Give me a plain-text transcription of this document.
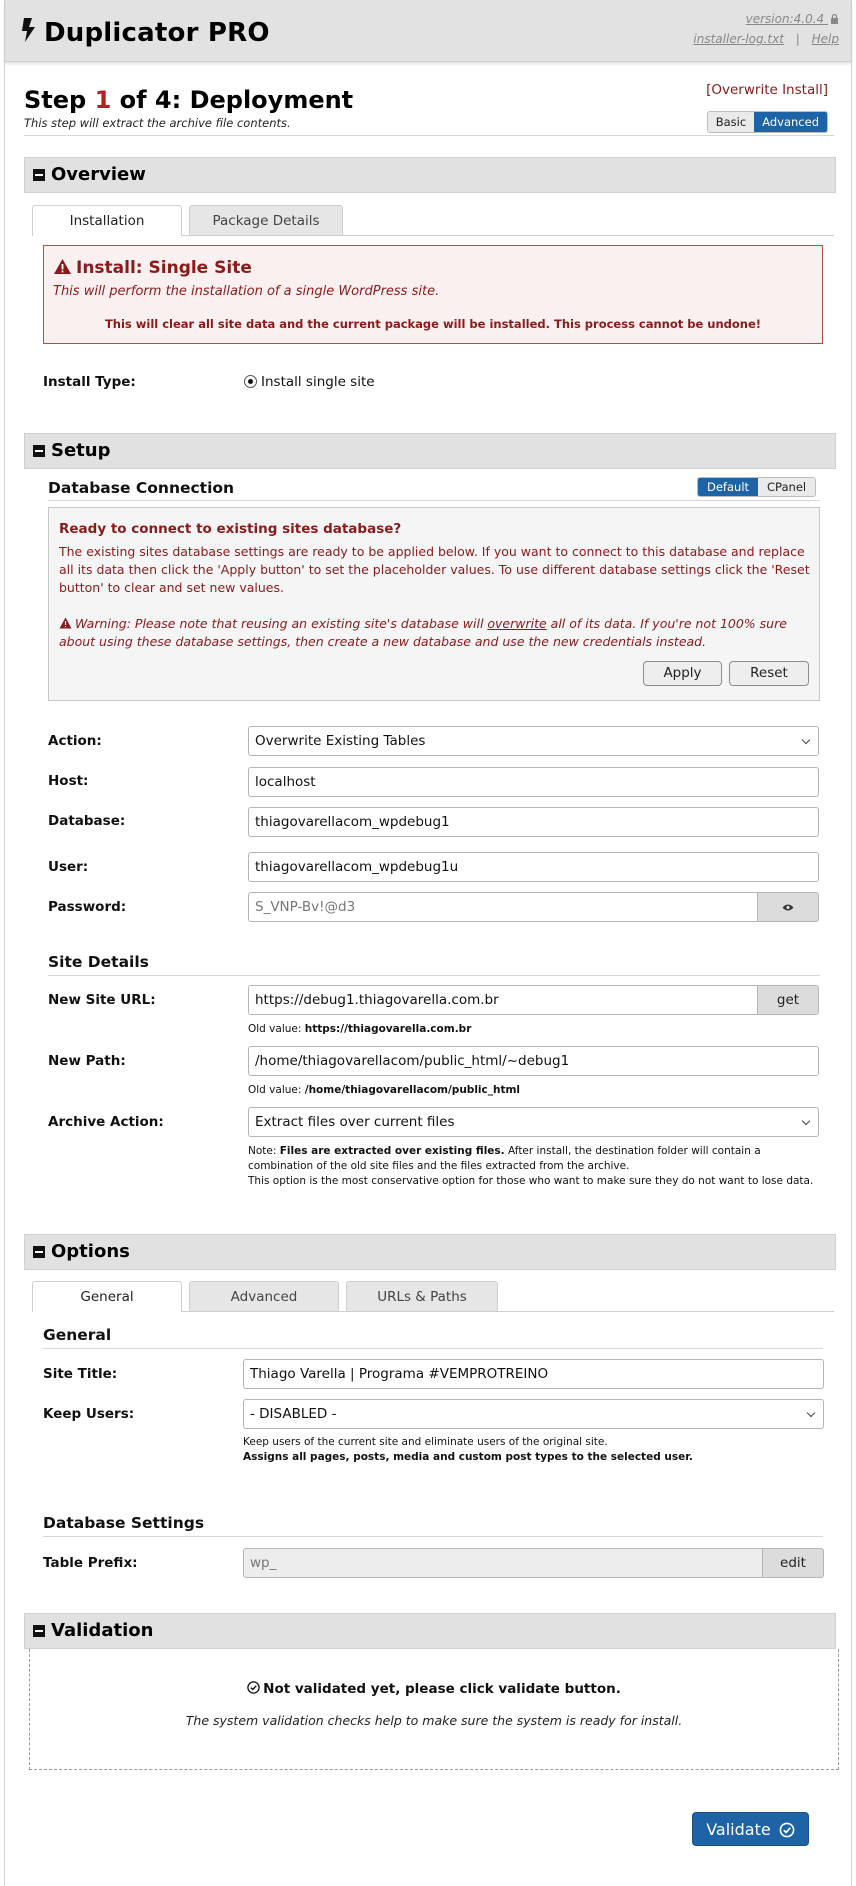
Duplicator PRO	version:4.0.4
installer-log.txt | Help
Step 1 of 4: Deployment
This step will extract the archive file contents.
[Overwrite Install]
Basic	Advanced
Overview
Installation	Package Details
Install: Single Site
This will perform the installation of a single WordPress site.
This will clear all site data and the current package will be installed. This process cannot be undone!
Install Type:	Install single site
Setup
Database Connection	Default	CPanel
Ready to connect to existing sites database?
The existing sites database settings are ready to be applied below. If you want to connect to this database and replace all its data then click the 'Apply button' to set the placeholder values. To use different database settings click the 'Reset button' to clear and set new values.
Warning: Please note that reusing an existing site's database will overwrite all of its data. If you're not 100% sure about using these database settings, then create a new database and use the new credentials instead.
Apply	Reset
Action:	Overwrite Existing Tables
Host:	localhost
Database:	thiagovarellacom_wpdebug1
User:	thiagovarellacom_wpdebug1u
Password:	S_VNP-Bv!@d3
Site Details
New Site URL:	https://debug1.thiagovarella.com.br	get
Old value: https://thiagovarella.com.br
New Path:	/home/thiagovarellacom/public_html/~debug1
Old value: /home/thiagovarellacom/public_html
Archive Action:	Extract files over current files
Note: Files are extracted over existing files. After install, the destination folder will contain a combination of the old site files and the files extracted from the archive.
This option is the most conservative option for those who want to make sure they do not want to lose data.
Options
General	Advanced	URLs & Paths
General
Site Title:	Thiago Varella | Programa #VEMPROTREINO
Keep Users:	- DISABLED -
Keep users of the current site and eliminate users of the original site.
Assigns all pages, posts, media and custom post types to the selected user.
Database Settings
Table Prefix:	wp_	edit
Validation
Not validated yet, please click validate button.
The system validation checks help to make sure the system is ready for install.
Validate
